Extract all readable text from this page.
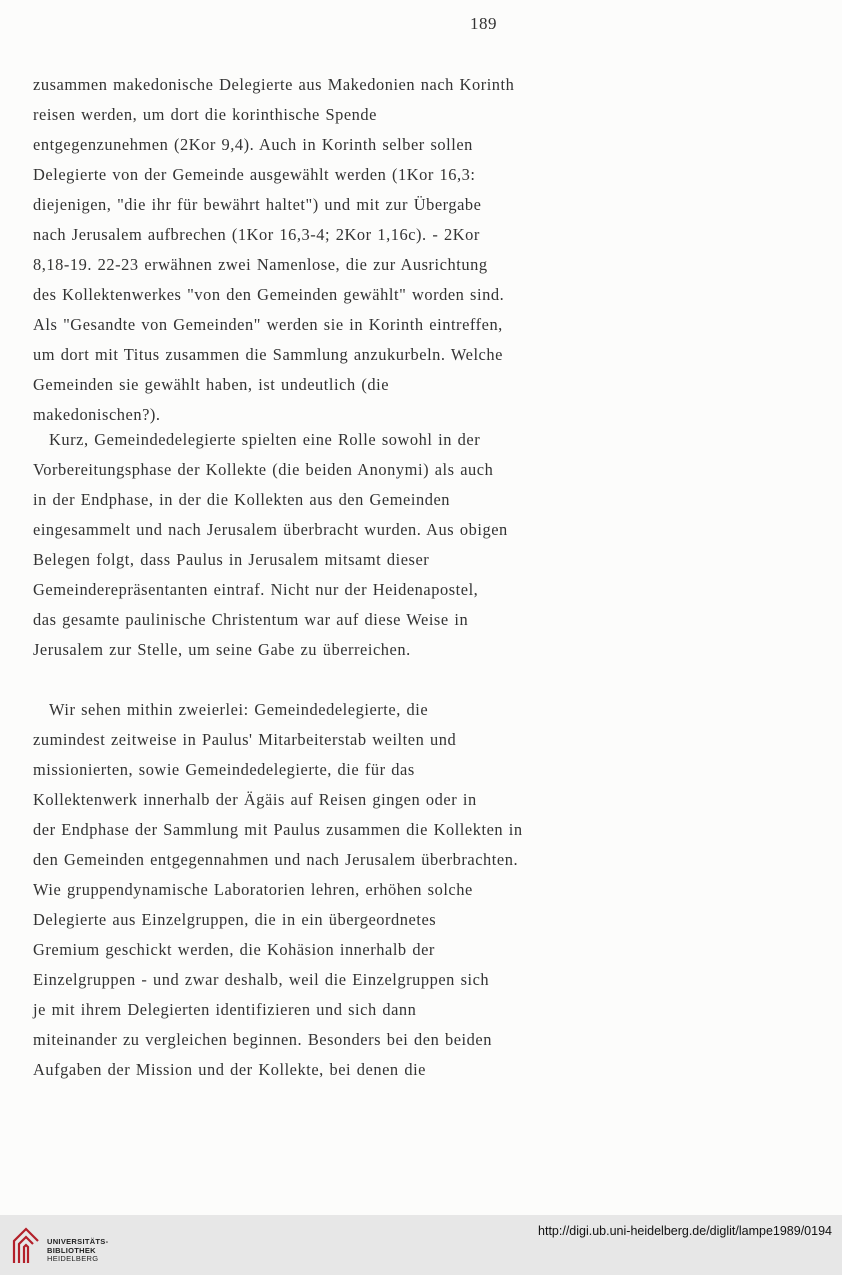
189
zusammen makedonische Delegierte aus Makedonien nach Korinth
reisen werden, um dort die korinthische Spende
entgegenzunehmen (2Kor 9,4). Auch in Korinth selber sollen
Delegierte von der Gemeinde ausgewählt werden (1Kor 16,3:
diejenigen, "die ihr für bewährt haltet") und mit zur Übergabe
nach Jerusalem aufbrechen (1Kor 16,3-4; 2Kor 1,16c). - 2Kor
8,18-19. 22-23 erwähnen zwei Namenlose, die zur Ausrichtung
des Kollektenwerkes "von den Gemeinden gewählt" worden sind.
Als "Gesandte von Gemeinden" werden sie in Korinth eintreffen,
um dort mit Titus zusammen die Sammlung anzukurbeln. Welche
Gemeinden sie gewählt haben, ist undeutlich (die
makedonischen?).
Kurz, Gemeindedelegierte spielten eine Rolle sowohl in der
Vorbereitungsphase der Kollekte (die beiden Anonymi) als auch
in der Endphase, in der die Kollekten aus den Gemeinden
eingesammelt und nach Jerusalem überbracht wurden. Aus obigen
Belegen folgt, dass Paulus in Jerusalem mitsamt dieser
Gemeinderepräsentanten eintraf. Nicht nur der Heidenapostel,
das gesamte paulinische Christentum war auf diese Weise in
Jerusalem zur Stelle, um seine Gabe zu überreichen.
Wir sehen mithin zweierlei: Gemeindedelegierte, die
zumindest zeitweise in Paulus' Mitarbeiterstab weilten und
missionierten, sowie Gemeindedelegierte, die für das
Kollektenwerk innerhalb der Ägäis auf Reisen gingen oder in
der Endphase der Sammlung mit Paulus zusammen die Kollekten in
den Gemeinden entgegennahmen und nach Jerusalem überbrachten.
Wie gruppendynamische Laboratorien lehren, erhöhen solche
Delegierte aus Einzelgruppen, die in ein übergeordnetes
Gremium geschickt werden, die Kohäsion innerhalb der
Einzelgruppen - und zwar deshalb, weil die Einzelgruppen sich
je mit ihrem Delegierten identifizieren und sich dann
miteinander zu vergleichen beginnen. Besonders bei den beiden
Aufgaben der Mission und der Kollekte, bei denen die
UNIVERSITÄTS-
BIBLIOTHEK
HEIDELBERG
http://digi.ub.uni-heidelberg.de/diglit/lampe1989/0194
